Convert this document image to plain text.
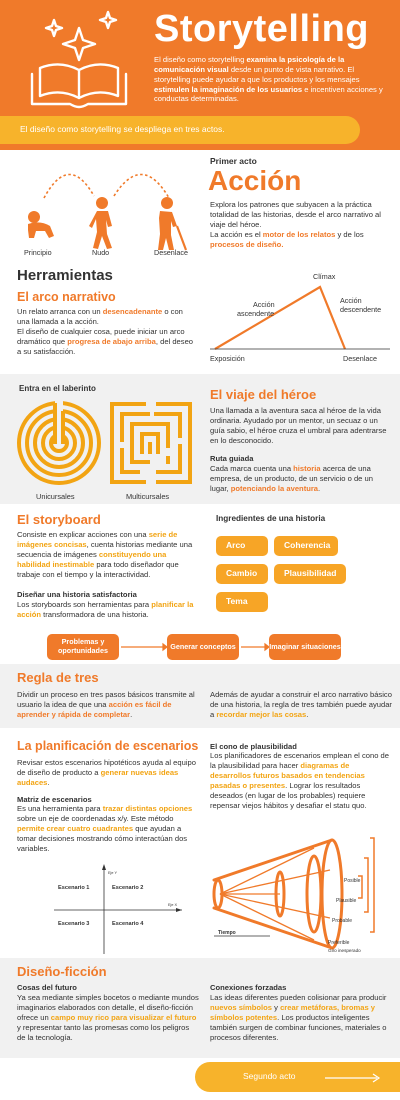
Storytelling
El diseño como storytelling examina la psicología de la comunicación visual desde un punto de vista narrativo. El storytelling puede ayudar a que los productos y los mensajes estimulen la imaginación de los usuarios e incentiven acciones y conductas determinadas.
El diseño como storytelling se despliega en tres actos.
Principio	Nudo	Desenlace
Primer acto
Acción
Explora los patrones que subyacen a la práctica totalidad de las historias, desde el arco narrativo al viaje del héroe.
La acción es el motor de los relatos y de los procesos de diseño.
Herramientas
El arco narrativo
Un relato arranca con un desencadenante o con una llamada a la acción.
El diseño de cualquier cosa, puede iniciar un arco dramático que progresa de abajo arriba, del deseo a su satisfacción.
Clímax
Acción
ascendente
Acción
descendente
Exposición	Desenlace
Entra en el laberinto
Unicursales	Multicursales
El viaje del héroe
Una llamada a la aventura saca al héroe de la vida ordinaria. Ayudado por un mentor, un secuaz o un guía sabio, el héroe cruza el umbral para adentrarse en lo desconocido.
Ruta guiada
Cada marca cuenta una historia acerca de una empresa, de un producto, de un servicio o de un lugar, potenciando la aventura.
El storyboard
Consiste en explicar acciones con una serie de imágenes concisas, cuenta historias mediante una secuencia de imágenes constituyendo una habilidad inestimable para todo diseñador que trabaje con el tiempo y la interactividad.
Diseñar una historia satisfactoria
Los storyboards son herramientas para planificar la acción transformadora de una historia.
Ingredientes de una historia
Arco	Coherencia
Cambio	Plausibilidad
Tema
Problemas y oportunidades	Generar conceptos	Imaginar situaciones
Regla de tres
Dividir un proceso en tres pasos básicos transmite al usuario la idea de que una acción es fácil de aprender y rápida de completar.
Además de ayudar a construir el arco narrativo básico de una historia, la regla de tres también puede ayudar a recordar mejor las cosas.
La planificación de escenarios
Revisar estos escenarios hipotéticos ayuda al equipo de diseño de producto a generar nuevas ideas audaces.
Matriz de escenarios
Es una herramienta para trazar distintas opciones sobre un eje de coordenadas x/y. Este método permite crear cuatro cuadrantes que ayudan a tomar decisiones mostrando cómo interactúan dos variables.
Eje Y
Eje X
Escenario 1	Escenario 2
Escenario 3	Escenario 4
El cono de plausibilidad
Los planificadores de escenarios emplean el cono de la plausibilidad para hacer diagramas de desarrollos futuros basados en tendencias pasadas o presentes. Lograr los resultados deseados (en lugar de los probables) requiere repensar viejos hábitos y desafiar el statu quo.
Posible
Plausible
Probable
Preferible
Tiempo
Giro inesperado
Diseño-ficción
Cosas del futuro
Ya sea mediante simples bocetos o mediante mundos imaginarios elaborados con detalle, el diseño-ficción ofrece un campo muy rico para visualizar el futuro y representar tanto las promesas como los peligros de la tecnología.
Conexiones forzadas
Las ideas diferentes pueden colisionar para producir nuevos símbolos y crear metáforas, bromas y símbolos potentes. Los productos inteligentes también surgen de combinar funciones, materiales o procesos diferentes.
Segundo acto
